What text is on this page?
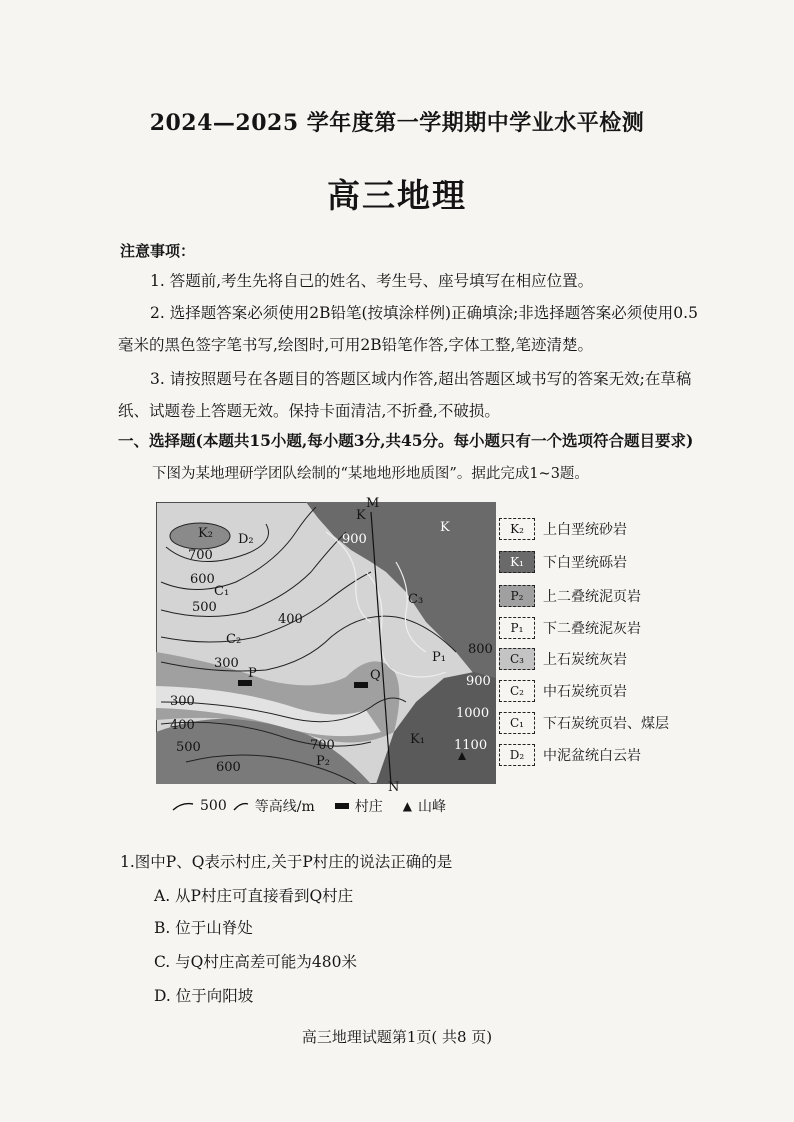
2024—2025 学年度第一学期期中学业水平检测
高三地理
注意事项：
1. 答题前,考生先将自己的姓名、考生号、座号填写在相应位置。
2. 选择题答案必须使用2B铅笔(按填涂样例)正确填涂;非选择题答案必须使用0.5
毫米的黑色签字笔书写,绘图时,可用2B铅笔作答,字体工整,笔迹清楚。
3. 请按照题号在各题目的答题区域内作答,超出答题区域书写的答案无效;在草稿
纸、试题卷上答题无效。保持卡面清洁,不折叠,不破损。
一、选择题(本题共15小题,每小题3分,共45分。每小题只有一个选项符合题目要求)
下图为某地理研学团队绘制的“某地地形地质图”。据此完成1~3题。
M
K
K
K₂ D₂
C₁
C₂
C₃
P₁
P₂
P	Q
K₁
N
700
600
500
400
300
900
800
900
1000
1100
300
400
500
600
700
K₂	上白垩统砂岩
K₁	下白垩统砾岩
P₂	上二叠统泥页岩
P₁	下二叠统泥灰岩
C₃	上石炭统灰岩
C₂	中石炭统页岩
C₁	下石炭统页岩、煤层
D₂	中泥盆统白云岩
500 等高线/m	村庄 ▲ 山峰
1.图中P、Q表示村庄,关于P村庄的说法正确的是
A. 从P村庄可直接看到Q村庄
B. 位于山脊处
C. 与Q村庄高差可能为480米
D. 位于向阳坡
高三地理试题第1页( 共8 页)
